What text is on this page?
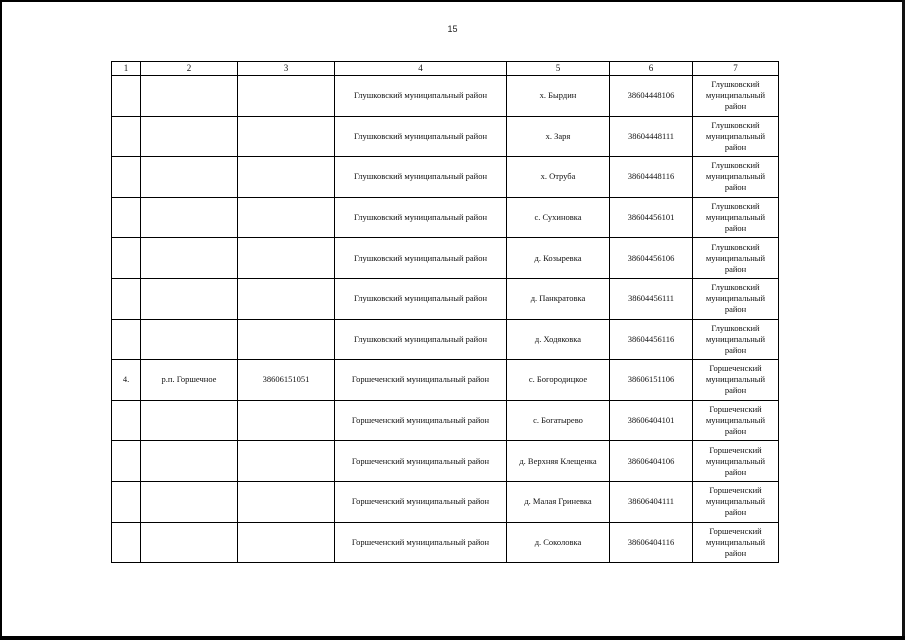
15
1	2	3	4	5	6	7
			Глушковский муниципальный район	х. Бырдин	38604448106	Глушковский муниципальный район
			Глушковский муниципальный район	х. Заря	38604448111	Глушковский муниципальный район
			Глушковский муниципальный район	х. Отруба	38604448116	Глушковский муниципальный район
			Глушковский муниципальный район	с. Сухиновка	38604456101	Глушковский муниципальный район
			Глушковский муниципальный район	д. Козыревка	38604456106	Глушковский муниципальный район
			Глушковский муниципальный район	д. Панкратовка	38604456111	Глушковский муниципальный район
			Глушковский муниципальный район	д. Ходяковка	38604456116	Глушковский муниципальный район
4.	р.п. Горшечное	38606151051	Горшеченский муниципальный район	с. Богородицкое	38606151106	Горшеченский муниципальный район
			Горшеченский муниципальный район	с. Богатырево	38606404101	Горшеченский муниципальный район
			Горшеченский муниципальный район	д. Верхняя Клещенка	38606404106	Горшеченский муниципальный район
			Горшеченский муниципальный район	д. Малая Гриневка	38606404111	Горшеченский муниципальный район
			Горшеченский муниципальный район	д. Соколовка	38606404116	Горшеченский муниципальный район
